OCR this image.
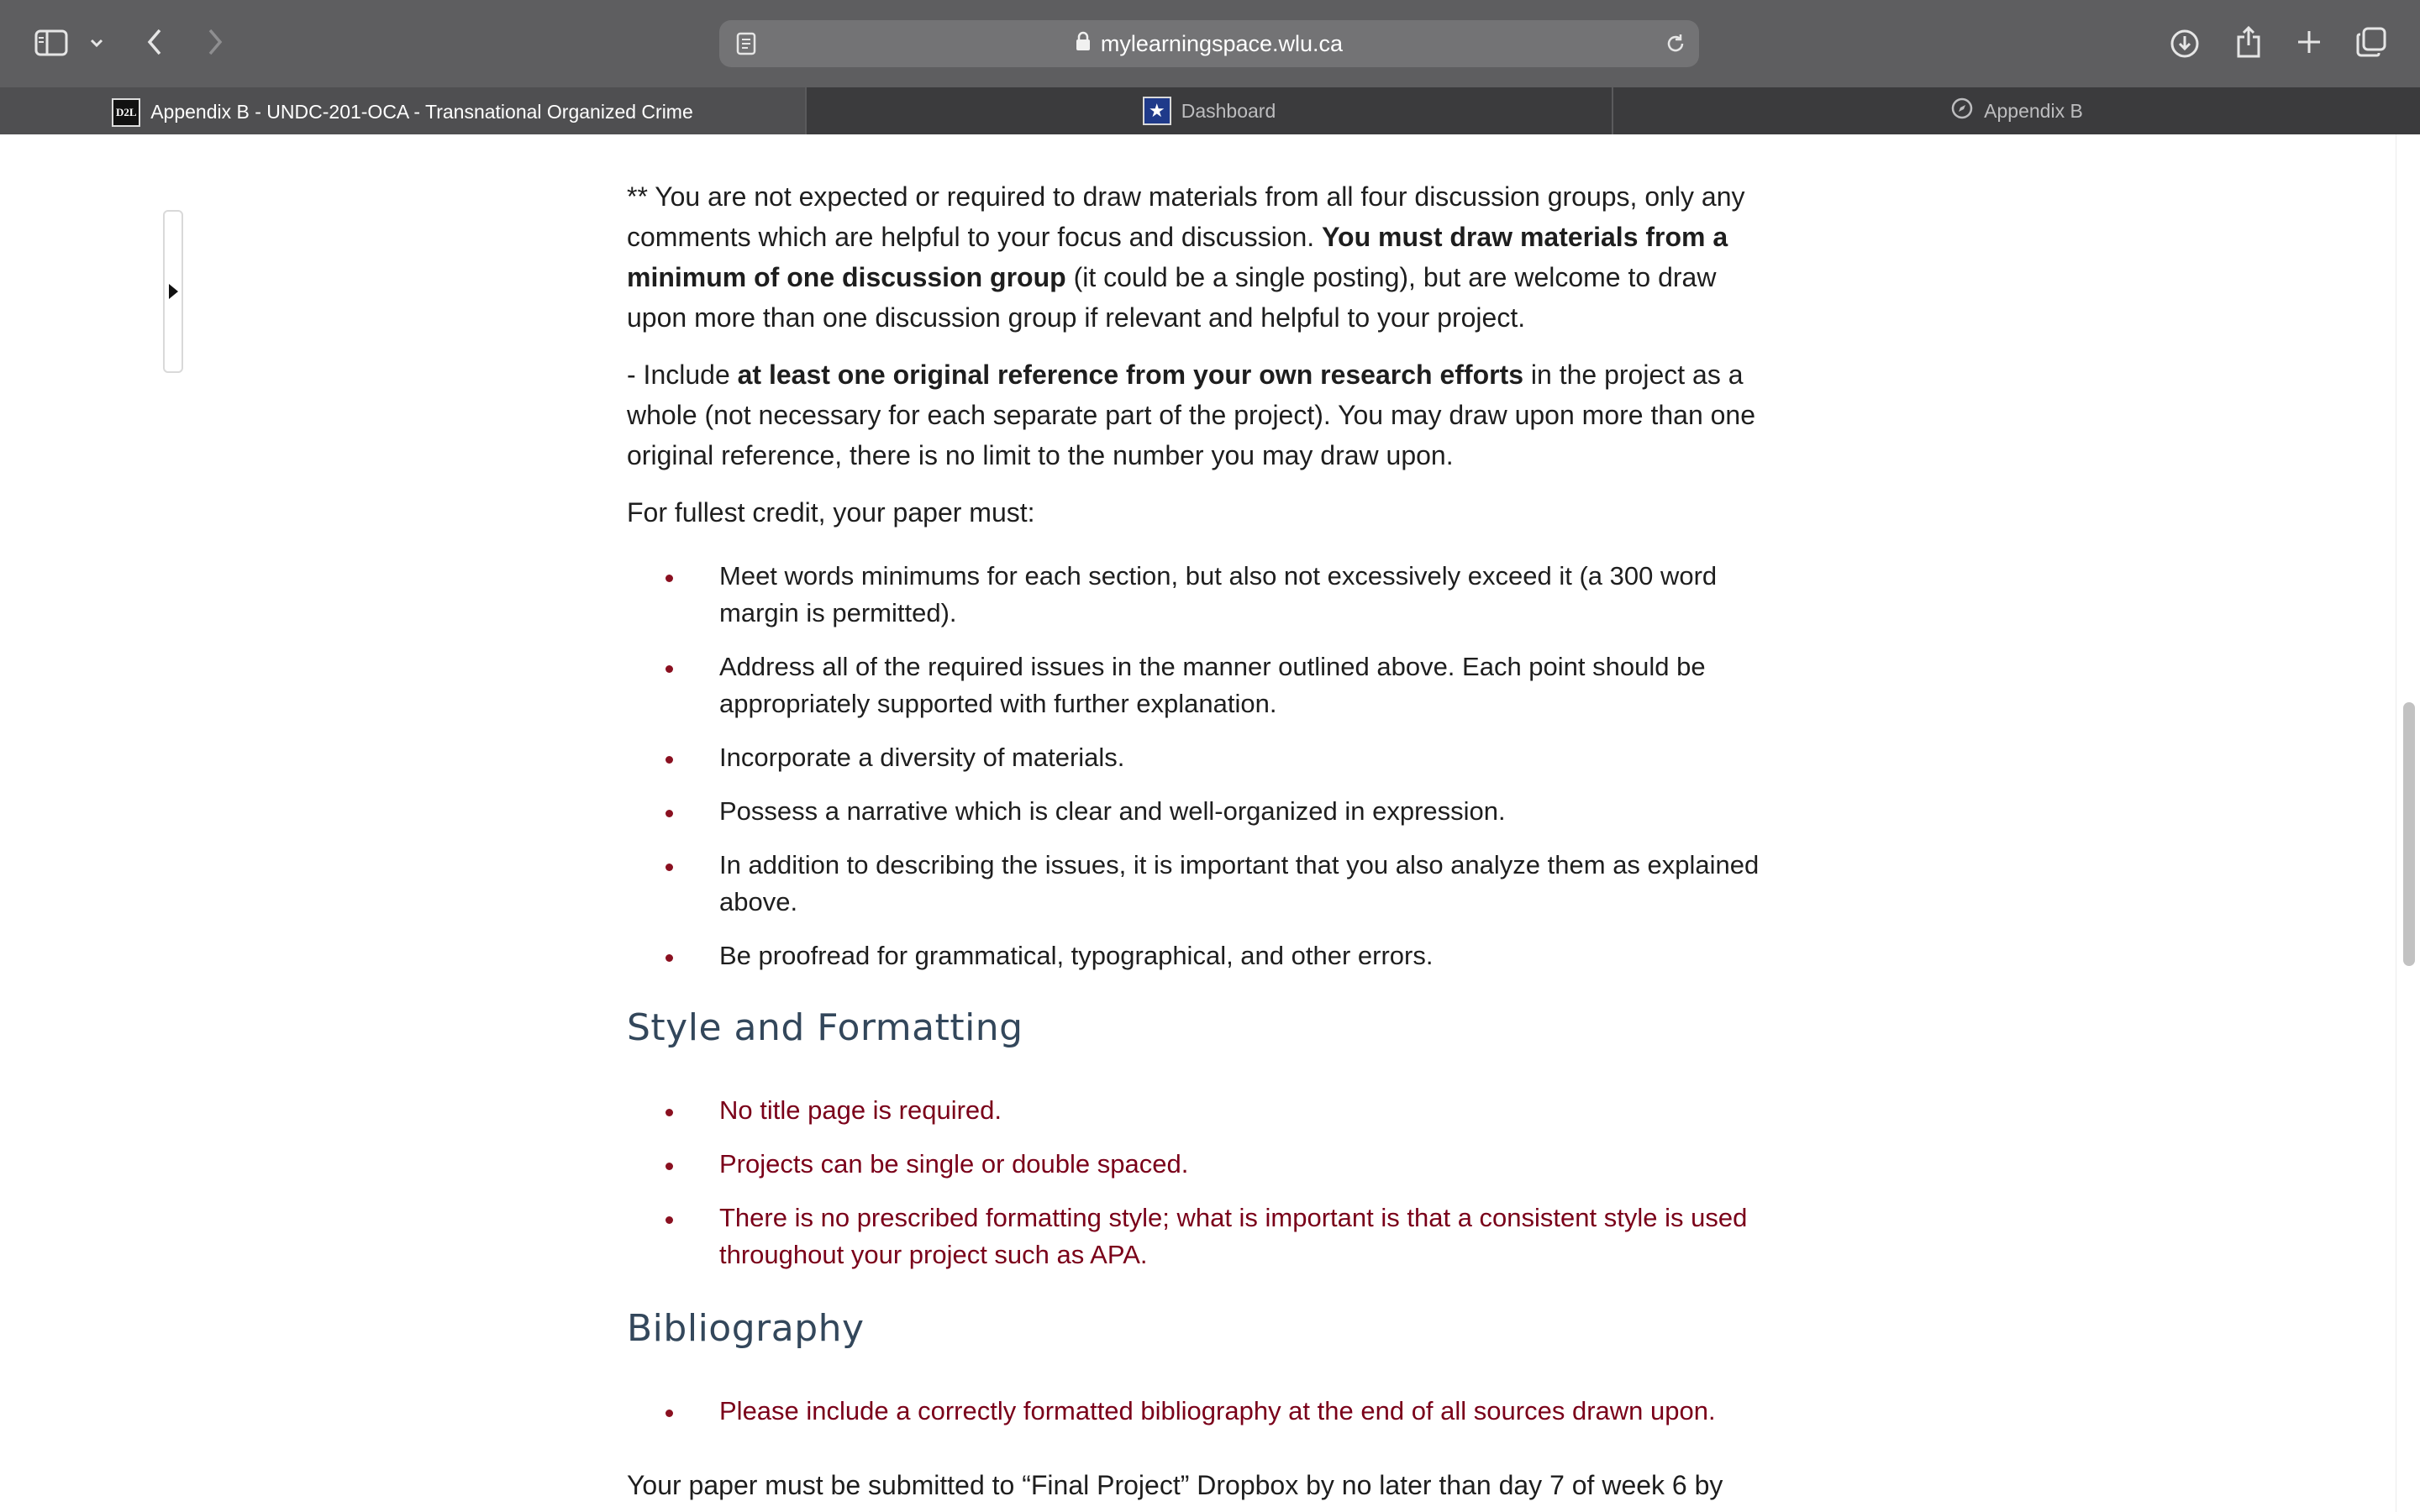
mylearningspace.wlu.ca
D2L Appendix B - UNDC-201-OCA - Transnational Organized Crime	★ Dashboard	Appendix B

** You are not expected or required to draw materials from all four discussion groups, only any comments which are helpful to your focus and discussion. You must draw materials from a minimum of one discussion group (it could be a single posting), but are welcome to draw upon more than one discussion group if relevant and helpful to your project.

- Include at least one original reference from your own research efforts in the project as a whole (not necessary for each separate part of the project). You may draw upon more than one original reference, there is no limit to the number you may draw upon.

For fullest credit, your paper must:

Meet words minimums for each section, but also not excessively exceed it (a 300 word margin is permitted).
Address all of the required issues in the manner outlined above. Each point should be appropriately supported with further explanation.
Incorporate a diversity of materials.
Possess a narrative which is clear and well-organized in expression.
In addition to describing the issues, it is important that you also analyze them as explained above.
Be proofread for grammatical, typographical, and other errors.
Style and Formatting
No title page is required.
Projects can be single or double spaced.
There is no prescribed formatting style; what is important is that a consistent style is used throughout your project such as APA.
Bibliography
Please include a correctly formatted bibliography at the end of all sources drawn upon.

Your paper must be submitted to “Final Project” Dropbox by no later than day 7 of week 6 by
